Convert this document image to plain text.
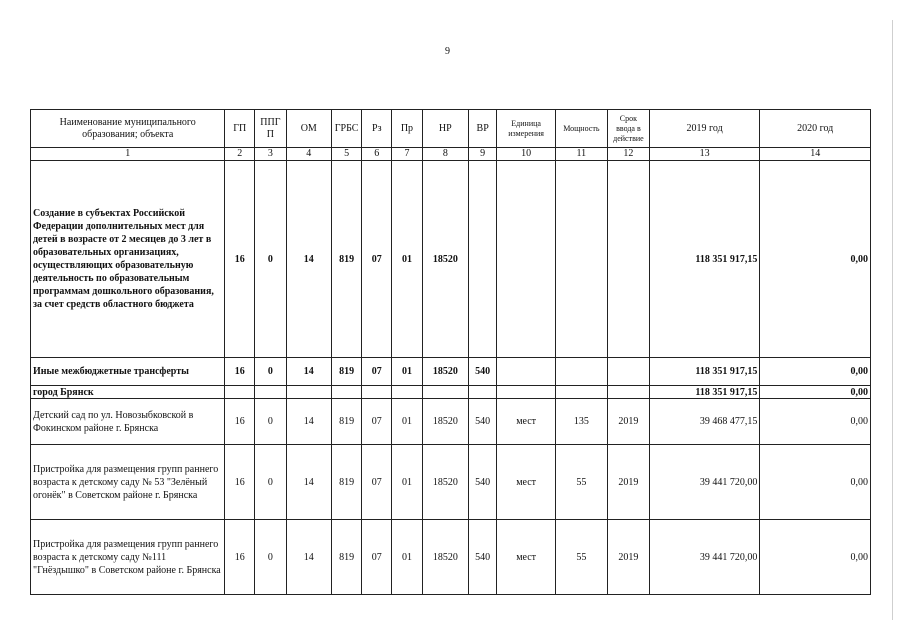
9
Наименование муниципального образования; объекта	ГП	ППГ П	ОМ	ГРБС	Рз	Пр	НР	ВР	Единица измерения	Мощность	Срок ввода в действие	2019 год	2020 год
1	2	3	4	5	6	7	8	9	10	11	12	13	14
Создание в субъектах Российской Федерации дополнительных мест для детей в возрасте от 2 месяцев до 3 лет в образовательных организациях, осуществляющих образовательную деятельность по образовательным программам дошкольного образования, за счет средств областного бюджета	16	0	14	819	07	01	18520					118 351 917,15	0,00
Иные межбюджетные трансферты	16	0	14	819	07	01	18520	540				118 351 917,15	0,00
город Брянск												118 351 917,15	0,00
Детский сад по ул. Новозыбковской в Фокинском районе г. Брянска	16	0	14	819	07	01	18520	540	мест	135	2019	39 468 477,15	0,00
Пристройка для размещения групп раннего возраста к детскому саду № 53 "Зелёный огонёк" в Советском районе г. Брянска	16	0	14	819	07	01	18520	540	мест	55	2019	39 441 720,00	0,00
Пристройка для размещения групп раннего возраста к детскому саду №111 "Гнёздышко" в Советском районе г. Брянска	16	0	14	819	07	01	18520	540	мест	55	2019	39 441 720,00	0,00
